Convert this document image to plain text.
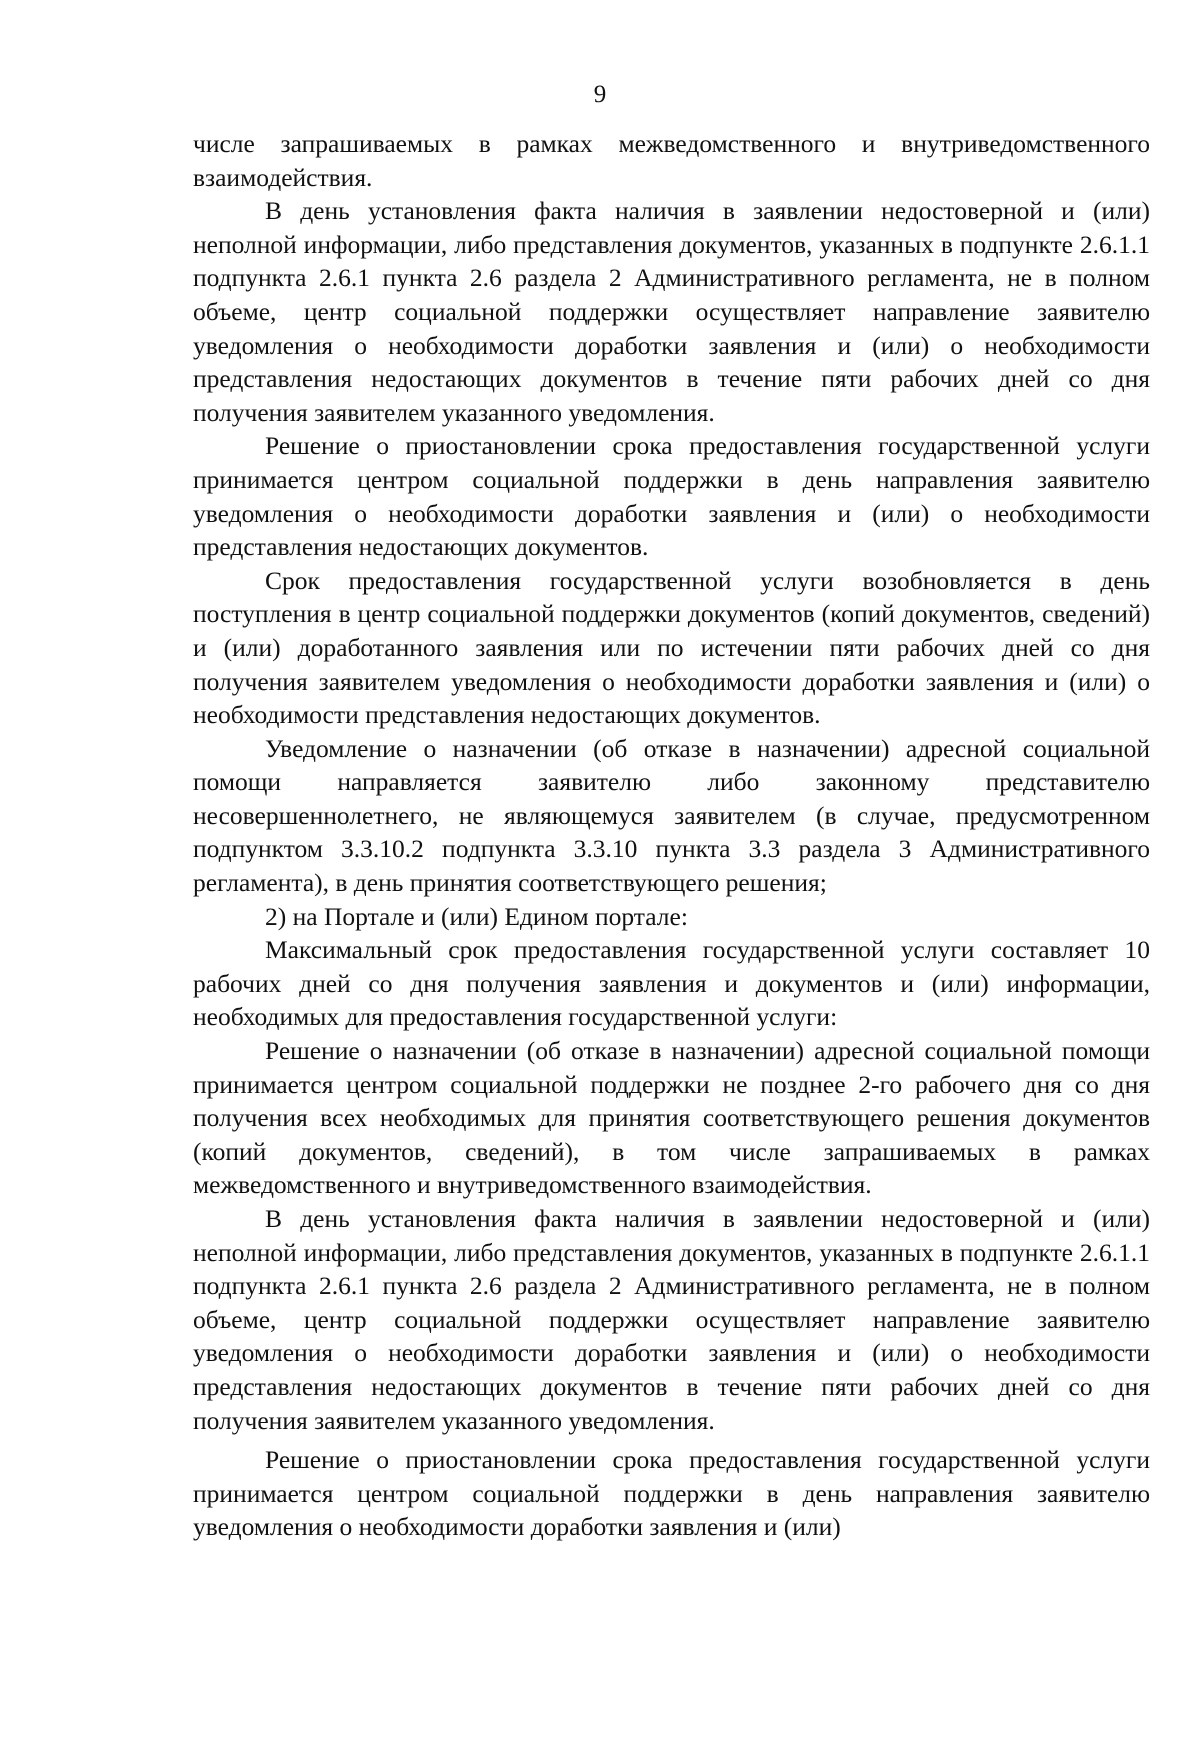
9

числе запрашиваемых в рамках межведомственного и внутриведомственного взаимодействия.

В день установления факта наличия в заявлении недостоверной и (или) неполной информации, либо представления документов, указанных в подпункте 2.6.1.1 подпункта 2.6.1 пункта 2.6 раздела 2 Административного регламента, не в полном объеме, центр социальной поддержки осуществляет направление заявителю уведомления о необходимости доработки заявления и (или) о необходимости представления недостающих документов в течение пяти рабочих дней со дня получения заявителем указанного уведомления.

Решение о приостановлении срока предоставления государственной услуги принимается центром социальной поддержки в день направления заявителю уведомления о необходимости доработки заявления и (или) о необходимости представления недостающих документов.

Срок предоставления государственной услуги возобновляется в день поступления в центр социальной поддержки документов (копий документов, сведений) и (или) доработанного заявления или по истечении пяти рабочих дней со дня получения заявителем уведомления о необходимости доработки заявления и (или) о необходимости представления недостающих документов.

Уведомление о назначении (об отказе в назначении) адресной социальной помощи направляется заявителю либо законному представителю несовершеннолетнего, не являющемуся заявителем (в случае, предусмотренном подпунктом 3.3.10.2 подпункта 3.3.10 пункта 3.3 раздела 3 Административного регламента), в день принятия соответствующего решения;

2) на Портале и (или) Едином портале:

Максимальный срок предоставления государственной услуги составляет 10 рабочих дней со дня получения заявления и документов и (или) информации, необходимых для предоставления государственной услуги:

Решение о назначении (об отказе в назначении) адресной социальной помощи принимается центром социальной поддержки не позднее 2-го рабочего дня со дня получения всех необходимых для принятия соответствующего решения документов (копий документов, сведений), в том числе запрашиваемых в рамках межведомственного и внутриведомственного взаимодействия.

В день установления факта наличия в заявлении недостоверной и (или) неполной информации, либо представления документов, указанных в подпункте 2.6.1.1 подпункта 2.6.1 пункта 2.6 раздела 2 Административного регламента, не в полном объеме, центр социальной поддержки осуществляет направление заявителю уведомления о необходимости доработки заявления и (или) о необходимости представления недостающих документов в течение пяти рабочих дней со дня получения заявителем указанного уведомления.

Решение о приостановлении срока предоставления государственной услуги принимается центром социальной поддержки в день направления заявителю уведомления о необходимости доработки заявления и (или)
